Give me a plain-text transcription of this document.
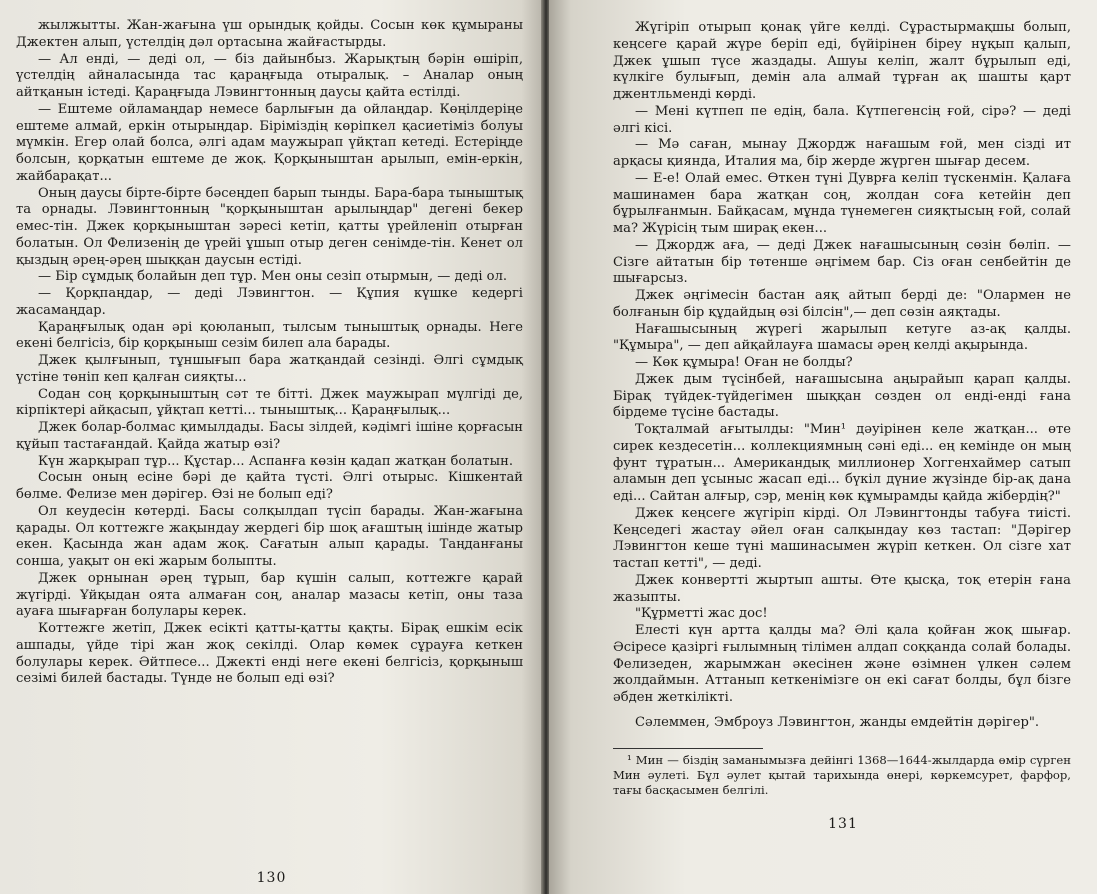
жылжытты. Жан-жағына үш орындық қойды. Сосын көк құмыраны Джектен алып, үстелдің дәл ортасына жайғастырды.

— Ал енді, — деді ол, — біз дайынбыз. Жарықтың бәрін өшіріп, үстелдің айналасында тас қараңғыда отыралық. – Аналар оның айтқанын істеді. Қараңғыда Лэвингтонның даусы қайта естілді.

— Ештеме ойламаңдар немесе барлығын да ойлаңдар. Көңілдеріңе ештеме алмай, еркін отырыңдар. Біріміздің көріпкел қасиетіміз болуы мүмкін. Егер олай болса, әлгі адам маужырап үйқтап кетеді. Естеріңде болсын, қорқатын ештеме де жоқ. Қорқыныштан арылып, емін-еркін, жайбарақат...

Оның даусы бірте-бірте бәсеңдеп барып тынды. Бара-бара тыныштық та орнады. Лэвингтонның "қорқыныштан арылыңдар" дегені бекер емес-тін. Джек қорқыныштан зәресі кетіп, қатты үрейленіп отырған болатын. Ол Фелизенің де үрейі ұшып отыр деген сенімде-тін. Кенет ол қыздың әрең-әрең шыққан даусын естіді.

— Бір сұмдық болайын деп тұр. Мен оны сезіп отырмын, — деді ол.

— Қорқпаңдар, — деді Лэвингтон. — Құпия күшке кедергі жасамаңдар.

Қараңғылық одан әрі қоюланып, тылсым тыныштық орнады. Неге екені белгісіз, бір қорқыныш сезім билеп ала барады.

Джек қылғынып, тұншығып бара жатқандай сезінді. Әлгі сұмдық үстіне төніп кеп қалған сияқты...

Содан соң қорқыныштың сәт те бітті. Джек маужырап мүлгіді де, кірпіктері айқасып, ұйқтап кетті... тыныштық... Қараңғылық...

Джек болар-болмас қимылдады. Басы зілдей, кәдімгі ішіне қорғасын құйып тастағандай. Қайда жатыр өзі?

Күн жарқырап тұр... Құстар... Аспанға көзін қадап жатқан болатын.

Сосын оның есіне бәрі де қайта түсті. Әлгі отырыс. Кішкентай бөлме. Фелизе мен дәрігер. Өзі не болып еді?

Ол кеудесін көтерді. Басы солқылдап түсіп барады. Жан-жағына қарады. Ол коттежге жақындау жердегі бір шоқ ағаштың ішінде жатыр екен. Қасында жан адам жоқ. Сағатын алып қарады. Таңданғаны сонша, уақыт он екі жарым болыпты.

Джек орнынан әрең тұрып, бар күшін салып, коттежге қарай жүгірді. Ұйқыдан оята алмаған соң, аналар мазасы кетіп, оны таза ауаға шығарған болулары керек.

Коттежге жетіп, Джек есікті қатты-қатты қақты. Бірақ ешкім есік ашпады, үйде тірі жан жоқ секілді. Олар көмек сұрауға кеткен болулары керек. Әйтпесе... Джекті енді неге екені белгісіз, қорқыныш сезімі билей бастады. Түнде не болып еді өзі?

130

Жүгіріп отырып қонақ үйге келді. Сұрастырмақшы болып, кеңсеге қарай жүре беріп еді, бүйірінен біреу нұқып қалып, Джек ұшып түсе жаздады. Ашуы келіп, жалт бұрылып еді, күлкіге булығып, демін ала алмай тұрған ақ шашты қарт джентльменді көрді.

— Мені күтпеп пе едің, бала. Күтпегенсің ғой, сірә? — деді әлгі кісі.

— Мә саған, мынау Джордж нағашым ғой, мен сізді ит арқасы қиянда, Италия ма, бір жерде жүрген шығар десем.

— Е-е! Олай емес. Өткен түні Дуврға келіп түскенмін. Қалаға машинамен бара жатқан соң, жолдан соға кетейін деп бұрылғанмын. Байқасам, мұнда түнемеген сияқтысың ғой, солай ма? Жүрісің тым ширақ екен...

— Джордж аға, — деді Джек нағашысының сөзін бөліп. — Сізге айтатын бір төтенше әңгімем бар. Сіз оған сенбейтін де шығарсыз.

Джек әңгімесін бастан аяқ айтып берді де: "Олармен не болғанын бір құдайдың өзі білсін",— деп сөзін аяқтады.

Нағашысының жүрегі жарылып кетуге аз-ақ қалды. "Құмыра", — деп айқайлауға шамасы әрең келді ақырында.

— Көк құмыра! Оған не болды?

Джек дым түсінбей, нағашысына аңырайып қарап қалды. Бірақ түйдек-түйдегімен шыққан сөзден ол енді-енді ғана бірдеме түсіне бастады.

Тоқталмай ағытылды: "Мин¹ дәуірінен келе жатқан... өте сирек кездесетін... коллекциямның сәні еді... ең кемінде он мың фунт тұратын... Американдық миллионер Хоггенхаймер сатып аламын деп ұсыныс жасап еді... бүкіл дүние жүзінде бір-ақ дана еді... Сайтан алғыр, сэр, менің көк құмырамды қайда жібердің?"

Джек кеңсеге жүгіріп кірді. Ол Лэвингтонды табуға тиісті. Кеңседегі жастау әйел оған салқындау көз тастап: "Дәрігер Лэвингтон кеше түні машинасымен жүріп кеткен. Ол сізге хат тастап кетті", — деді.

Джек конвертті жыртып ашты. Өте қысқа, тоқ етерін ғана жазыпты.

"Құрметті жас дос!

Елесті күн артта қалды ма? Әлі қала қойған жоқ шығар. Әсіресе қазіргі ғылымның тілімен алдап соққанда солай болады. Фелизеден, жарымжан әкесінен және өзімнен үлкен сәлем жолдаймын. Аттанып кеткенімізге он екі сағат болды, бұл бізге әбден жеткілікті.

Сәлеммен, Эмброуз Лэвингтон, жанды емдейтін дәрігер".

¹ Мин — біздің заманымызға дейінгі 1368—1644-жылдарда өмір сүрген Мин әулеті. Бұл әулет қытай тарихында өнері, көркемсурет, фарфор, тағы басқасымен белгілі.

131
